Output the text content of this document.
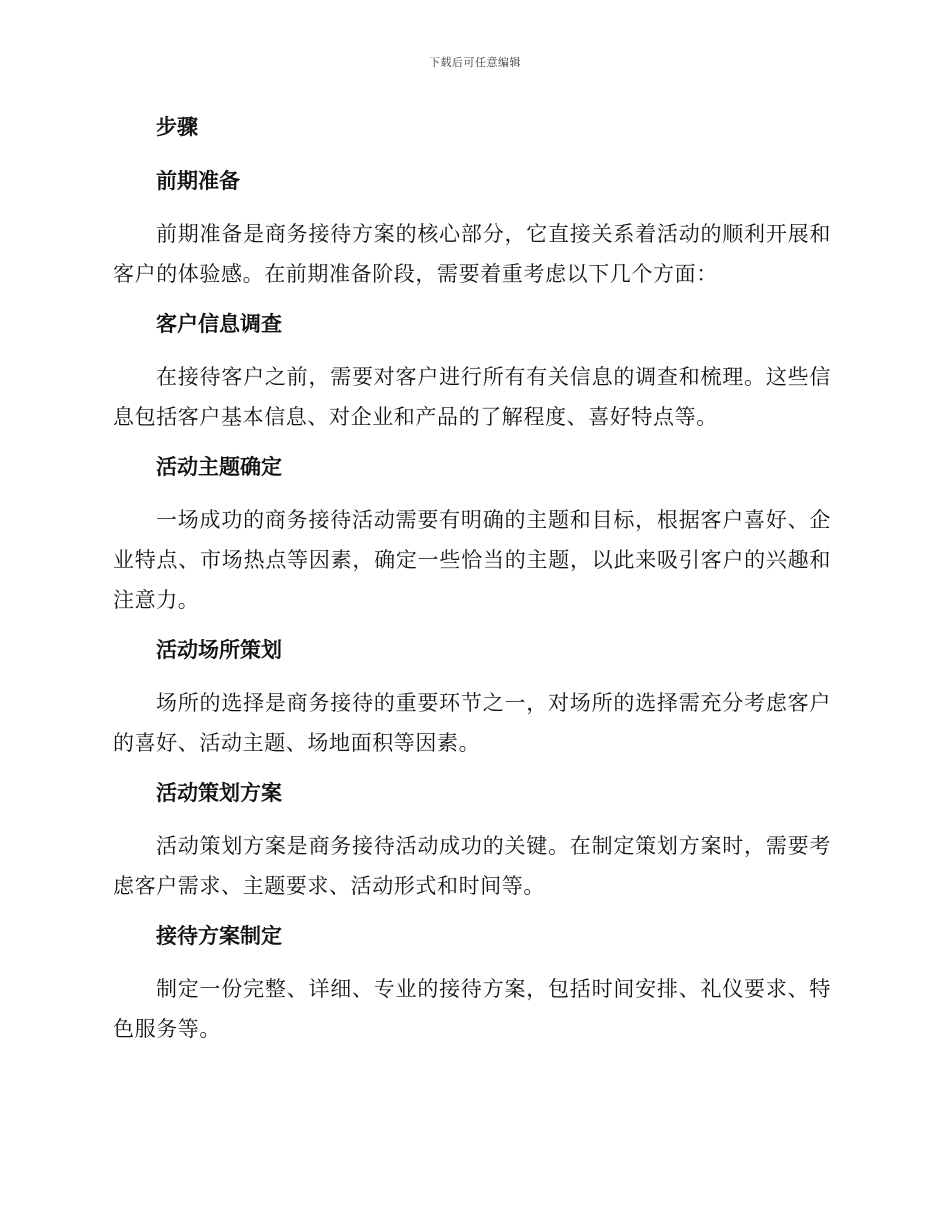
下载后可任意编辑
步骤
前期准备

前期准备是商务接待方案的核心部分，它直接关系着活动的顺利开展和客户的体验感。在前期准备阶段，需要着重考虑以下几个方面：

客户信息调查

在接待客户之前，需要对客户进行所有有关信息的调查和梳理。这些信息包括客户基本信息、对企业和产品的了解程度、喜好特点等。

活动主题确定

一场成功的商务接待活动需要有明确的主题和目标，根据客户喜好、企业特点、市场热点等因素，确定一些恰当的主题，以此来吸引客户的兴趣和注意力。

活动场所策划

场所的选择是商务接待的重要环节之一，对场所的选择需充分考虑客户的喜好、活动主题、场地面积等因素。

活动策划方案

活动策划方案是商务接待活动成功的关键。在制定策划方案时，需要考虑客户需求、主题要求、活动形式和时间等。

接待方案制定

制定一份完整、详细、专业的接待方案，包括时间安排、礼仪要求、特色服务等。
